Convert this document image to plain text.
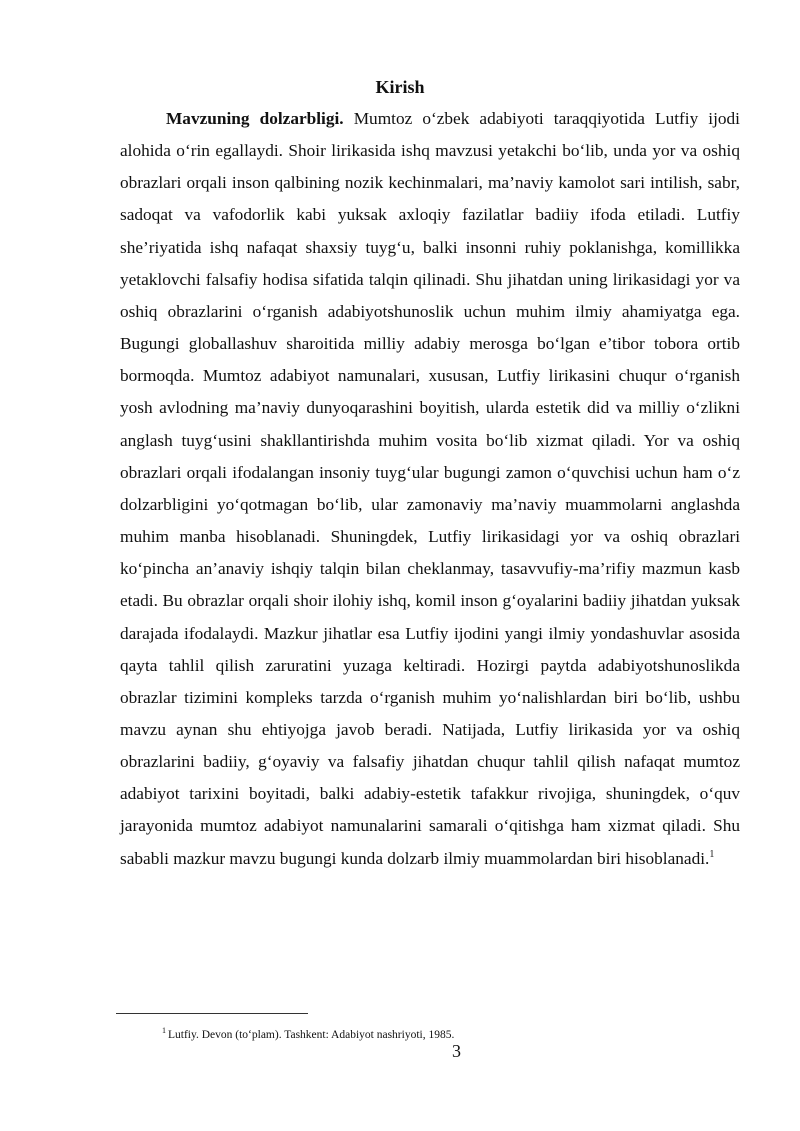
Kirish

Mavzuning dolzarbligi. Mumtoz o‘zbek adabiyoti taraqqiyotida Lutfiy ijodi alohida o‘rin egallaydi. Shoir lirikasida ishq mavzusi yetakchi bo‘lib, unda yor va oshiq obrazlari orqali inson qalbining nozik kechinmalari, ma’naviy kamolot sari intilish, sabr, sadoqat va vafodorlik kabi yuksak axloqiy fazilatlar badiiy ifoda etiladi. Lutfiy she’riyatida ishq nafaqat shaxsiy tuyg‘u, balki insonni ruhiy poklanishga, komillikka yetaklovchi falsafiy hodisa sifatida talqin qilinadi. Shu jihatdan uning lirikasidagi yor va oshiq obrazlarini o‘rganish adabiyotshunoslik uchun muhim ilmiy ahamiyatga ega. Bugungi globallashuv sharoitida milliy adabiy merosga bo‘lgan e’tibor tobora ortib bormoqda. Mumtoz adabiyot namunalari, xususan, Lutfiy lirikasini chuqur o‘rganish yosh avlodning ma’naviy dunyoqarashini boyitish, ularda estetik did va milliy o‘zlikni anglash tuyg‘usini shakllantirishda muhim vosita bo‘lib xizmat qiladi. Yor va oshiq obrazlari orqali ifodalangan insoniy tuyg‘ular bugungi zamon o‘quvchisi uchun ham o‘z dolzarbligini yo‘qotmagan bo‘lib, ular zamonaviy ma’naviy muammolarni anglashda muhim manba hisoblanadi. Shuningdek, Lutfiy lirikasidagi yor va oshiq obrazlari ko‘pincha an’anaviy ishqiy talqin bilan cheklanmay, tasavvufiy-ma’rifiy mazmun kasb etadi. Bu obrazlar orqali shoir ilohiy ishq, komil inson g‘oyalarini badiiy jihatdan yuksak darajada ifodalaydi. Mazkur jihatlar esa Lutfiy ijodini yangi ilmiy yondashuvlar asosida qayta tahlil qilish zaruratini yuzaga keltiradi. Hozirgi paytda adabiyotshunoslikda obrazlar tizimini kompleks tarzda o‘rganish muhim yo‘nalishlardan biri bo‘lib, ushbu mavzu aynan shu ehtiyojga javob beradi. Natijada, Lutfiy lirikasida yor va oshiq obrazlarini badiiy, g‘oyaviy va falsafiy jihatdan chuqur tahlil qilish nafaqat mumtoz adabiyot tarixini boyitadi, balki adabiy-estetik tafakkur rivojiga, shuningdek, o‘quv jarayonida mumtoz adabiyot namunalarini samarali o‘qitishga ham xizmat qiladi. Shu sababli mazkur mavzu bugungi kunda dolzarb ilmiy muammolardan biri hisoblanadi.$^1$

$^1$ Lutfiy. Devon (to‘plam). Tashkent: Adabiyot nashriyoti, 1985.
3
